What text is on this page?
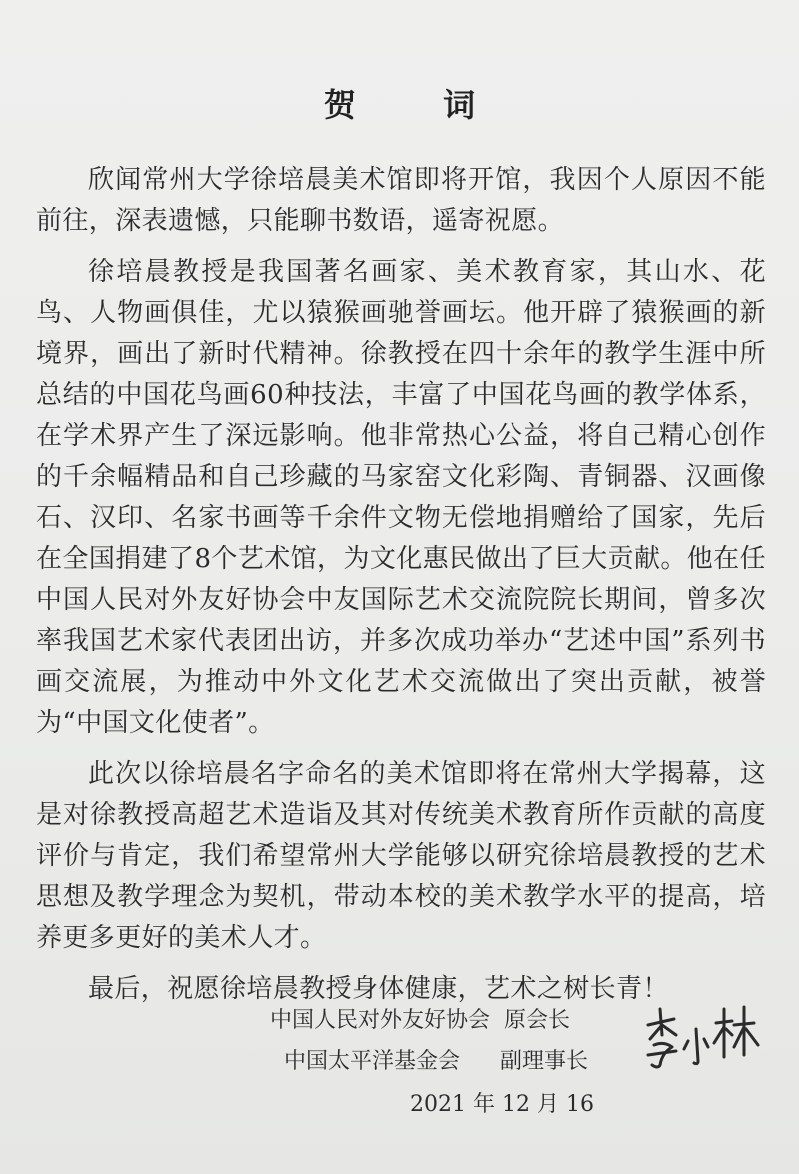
贺 词

欣闻常州大学徐培晨美术馆即将开馆，我因个人原因不能前往，深表遗憾，只能聊书数语，遥寄祝愿。

徐培晨教授是我国著名画家、美术教育家，其山水、花鸟、人物画俱佳，尤以猿猴画驰誉画坛。他开辟了猿猴画的新境界，画出了新时代精神。徐教授在四十余年的教学生涯中所总结的中国花鸟画60种技法，丰富了中国花鸟画的教学体系，在学术界产生了深远影响。他非常热心公益，将自己精心创作的千余幅精品和自己珍藏的马家窑文化彩陶、青铜器、汉画像石、汉印、名家书画等千余件文物无偿地捐赠给了国家，先后在全国捐建了8个艺术馆，为文化惠民做出了巨大贡献。他在任中国人民对外友好协会中友国际艺术交流院院长期间，曾多次率我国艺术家代表团出访，并多次成功举办“艺述中国”系列书画交流展，为推动中外文化艺术交流做出了突出贡献，被誉为“中国文化使者”。

此次以徐培晨名字命名的美术馆即将在常州大学揭幕，这是对徐教授高超艺术造诣及其对传统美术教育所作贡献的高度评价与肯定，我们希望常州大学能够以研究徐培晨教授的艺术思想及教学理念为契机，带动本校的美术教学水平的提高，培养更多更好的美术人才。

最后，祝愿徐培晨教授身体健康，艺术之树长青！

中国人民对外友好协会 原会长
中国太平洋基金会 副理事长
2021 年 12 月 16
